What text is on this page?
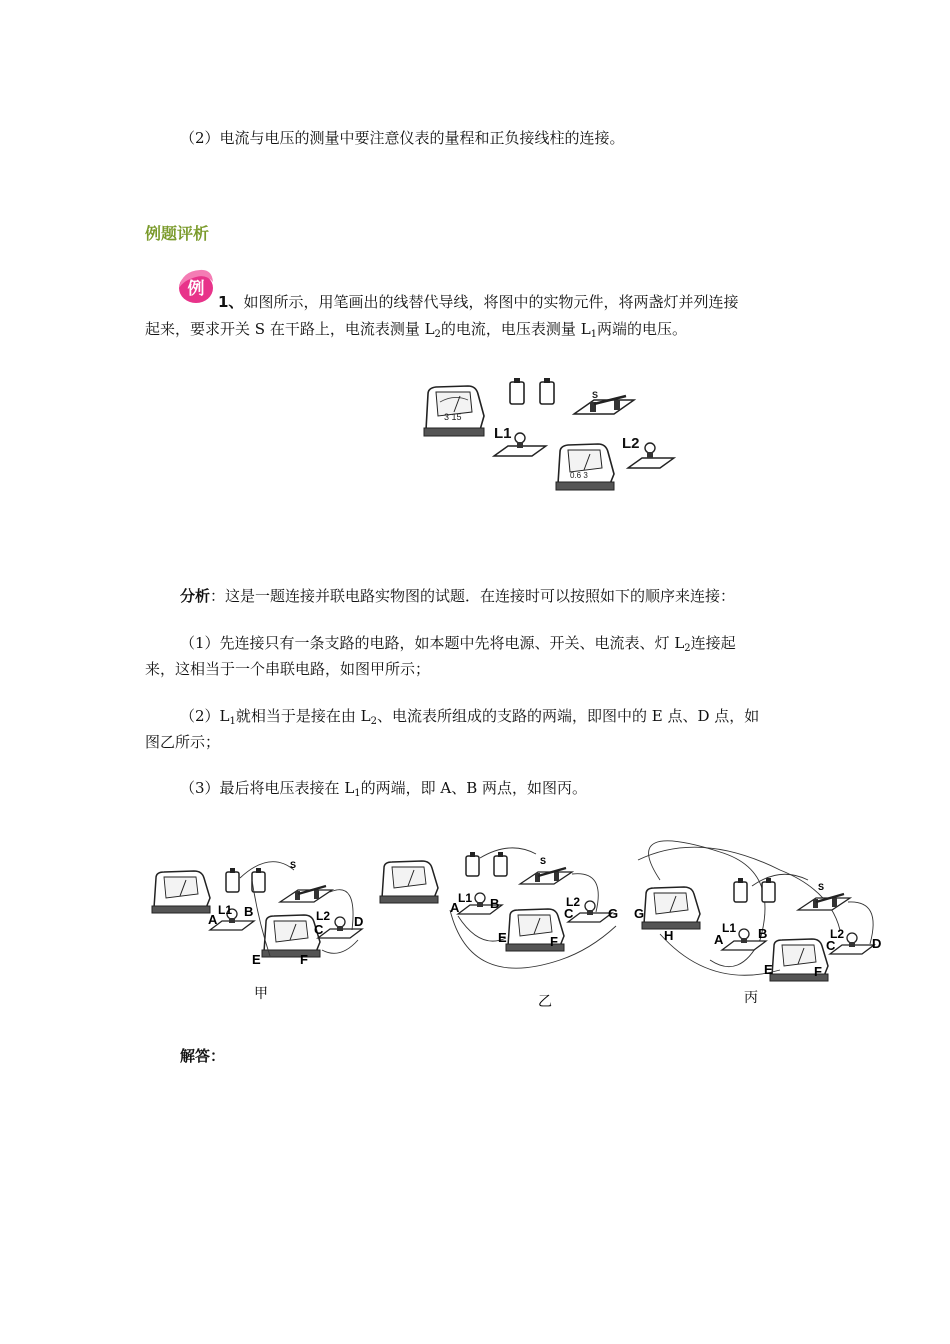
（2）电流与电压的测量中要注意仪表的量程和正负接线柱的连接。
例题评析
例
1、如图所示，用笔画出的线替代导线，将图中的实物元件，将两盏灯并列连接
起来，要求开关 S 在干路上，电流表测量 $L_2$的电流，电压表测量 $L_1$两端的电压。
3 15
S
L1
0.6 3
L2
分析：这是一题连接并联电路实物图的试题．在连接时可以按照如下的顺序来连接：
（1）先连接只有一条支路的电路，如本题中先将电源、开关、电流表、灯 $L_2$连接起
来，这相当于一个串联电路，如图甲所示；
$(2)L_1$就相当于是接在由 $L_2$、电流表所组成的支路的两端，即图中的 E 点、D 点，如
图乙所示；
（3）最后将电压表接在 $L_1$的两端，即 A、B 两点，如图丙。
A
B
L1
C
L2 D
E	F
S
甲
A B
L1
C
L2
G
E	F
S
乙
G
H	A	B
L1
C
L2
D
E	F
S
丙
解答：
